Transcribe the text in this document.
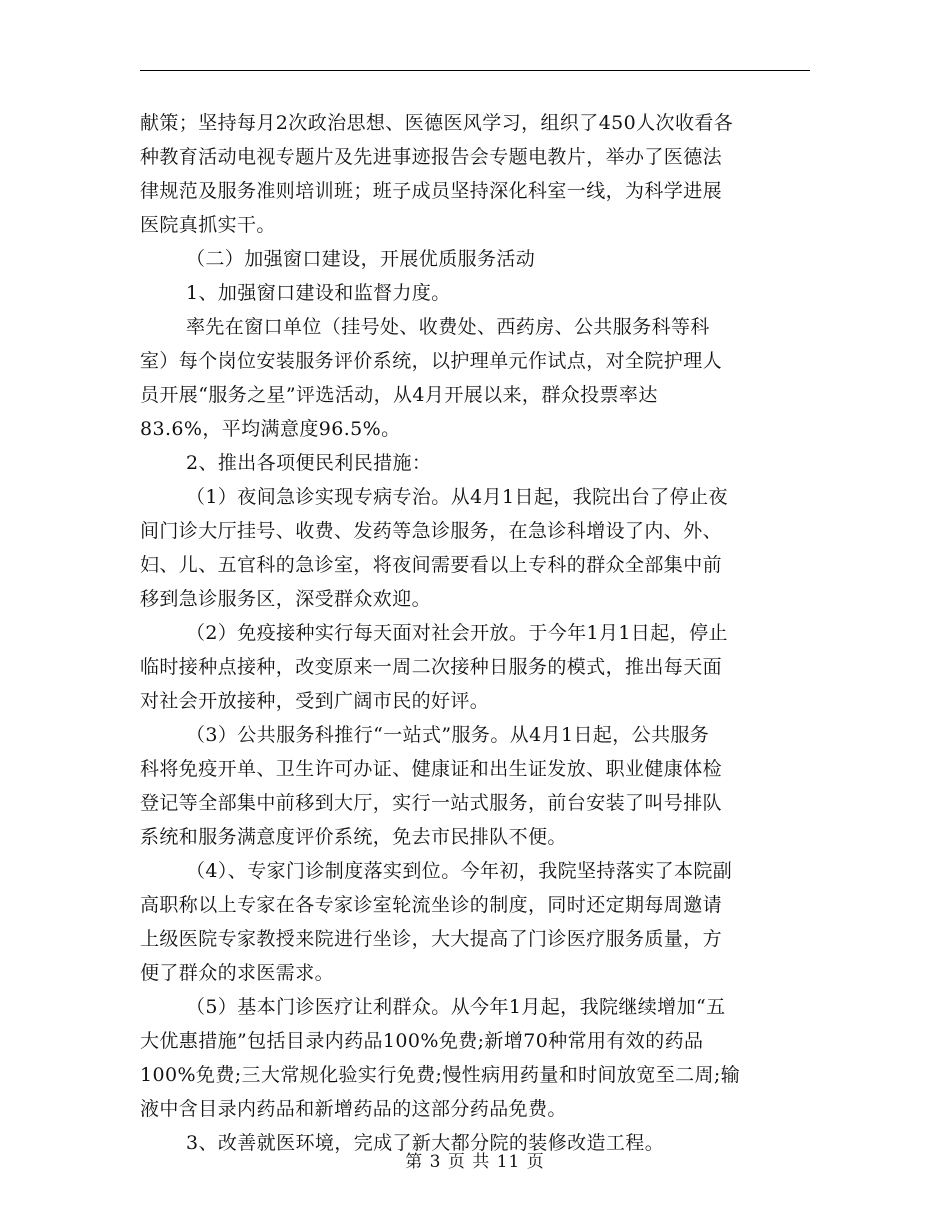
献策；坚持每月2次政治思想、医德医风学习，组织了450人次收看各
种教育活动电视专题片及先进事迹报告会专题电教片，举办了医德法
律规范及服务准则培训班；班子成员坚持深化科室一线，为科学进展
医院真抓实干。
（二）加强窗口建设，开展优质服务活动
1、加强窗口建设和监督力度。
率先在窗口单位（挂号处、收费处、西药房、公共服务科等科
室）每个岗位安装服务评价系统，以护理单元作试点，对全院护理人
员开展“服务之星”评选活动，从4月开展以来，群众投票率达
83.6%，平均满意度96.5%。
2、推出各项便民利民措施：
（1）夜间急诊实现专病专治。从4月1日起，我院出台了停止夜
间门诊大厅挂号、收费、发药等急诊服务，在急诊科增设了内、外、
妇、儿、五官科的急诊室，将夜间需要看以上专科的群众全部集中前
移到急诊服务区，深受群众欢迎。
（2）免疫接种实行每天面对社会开放。于今年1月1日起，停止
临时接种点接种，改变原来一周二次接种日服务的模式，推出每天面
对社会开放接种，受到广阔市民的好评。
（3）公共服务科推行“一站式”服务。从4月1日起，公共服务
科将免疫开单、卫生许可办证、健康证和出生证发放、职业健康体检
登记等全部集中前移到大厅，实行一站式服务，前台安装了叫号排队
系统和服务满意度评价系统，免去市民排队不便。
（4）、专家门诊制度落实到位。今年初，我院坚持落实了本院副
高职称以上专家在各专家诊室轮流坐诊的制度，同时还定期每周邀请
上级医院专家教授来院进行坐诊，大大提高了门诊医疗服务质量，方
便了群众的求医需求。
（5）基本门诊医疗让利群众。从今年1月起，我院继续增加“五
大优惠措施”包括目录内药品100%免费;新增70种常用有效的药品
100%免费;三大常规化验实行免费;慢性病用药量和时间放宽至二周;输
液中含目录内药品和新增药品的这部分药品免费。
3、改善就医环境，完成了新大都分院的装修改造工程。
第 3 页 共 11 页
